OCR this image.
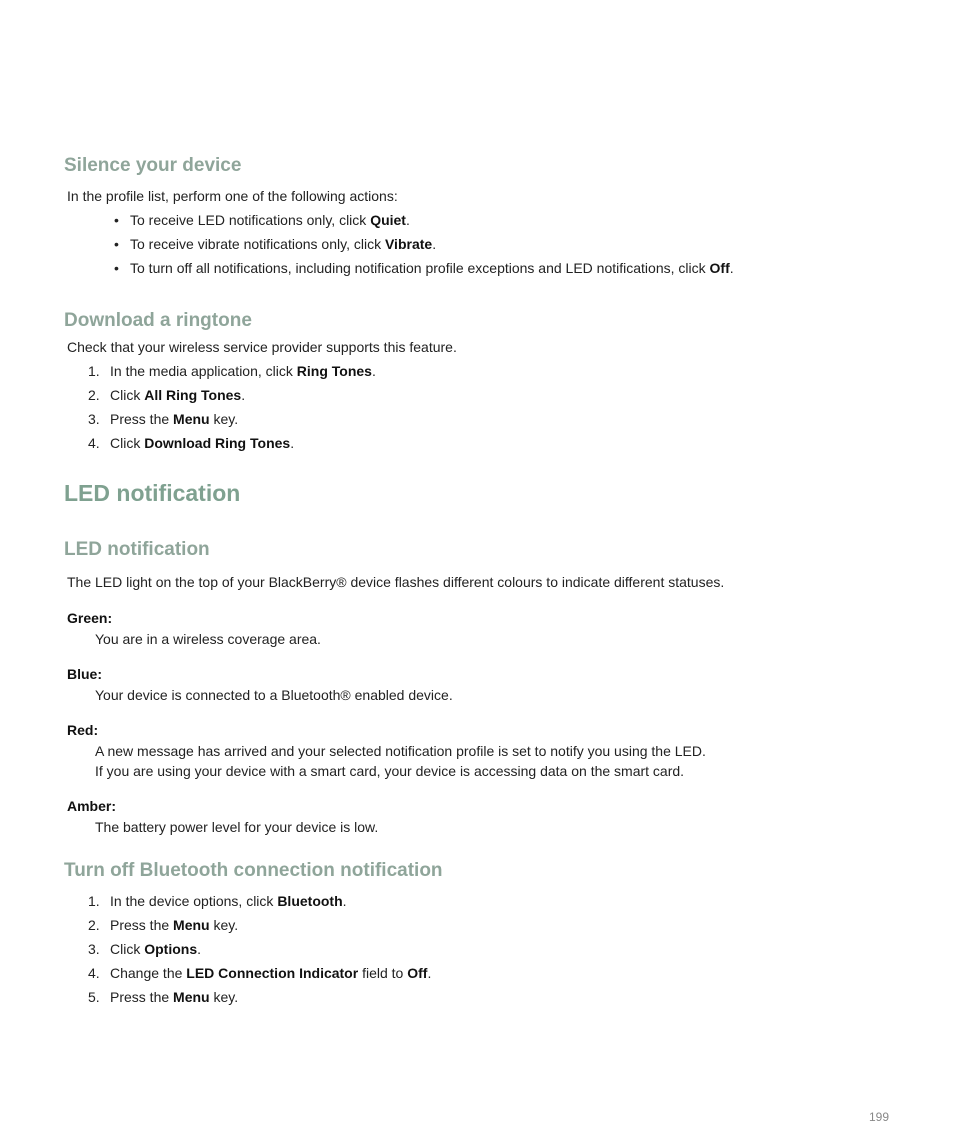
Silence your device

In the profile list, perform one of the following actions:

• To receive LED notifications only, click Quiet.
• To receive vibrate notifications only, click Vibrate.
• To turn off all notifications, including notification profile exceptions and LED notifications, click Off.
Download a ringtone

Check that your wireless service provider supports this feature.

1. In the media application, click Ring Tones.
2. Click All Ring Tones.
3. Press the Menu key.
4. Click Download Ring Tones.
LED notification
LED notification

The LED light on the top of your BlackBerry® device flashes different colours to indicate different statuses.

Green:

You are in a wireless coverage area.

Blue:

Your device is connected to a Bluetooth® enabled device.

Red:

A new message has arrived and your selected notification profile is set to notify you using the LED.

If you are using your device with a smart card, your device is accessing data on the smart card.

Amber:

The battery power level for your device is low.

Turn off Bluetooth connection notification
1. In the device options, click Bluetooth.
2. Press the Menu key.
3. Click Options.
4. Change the LED Connection Indicator field to Off.
5. Press the Menu key.
199
